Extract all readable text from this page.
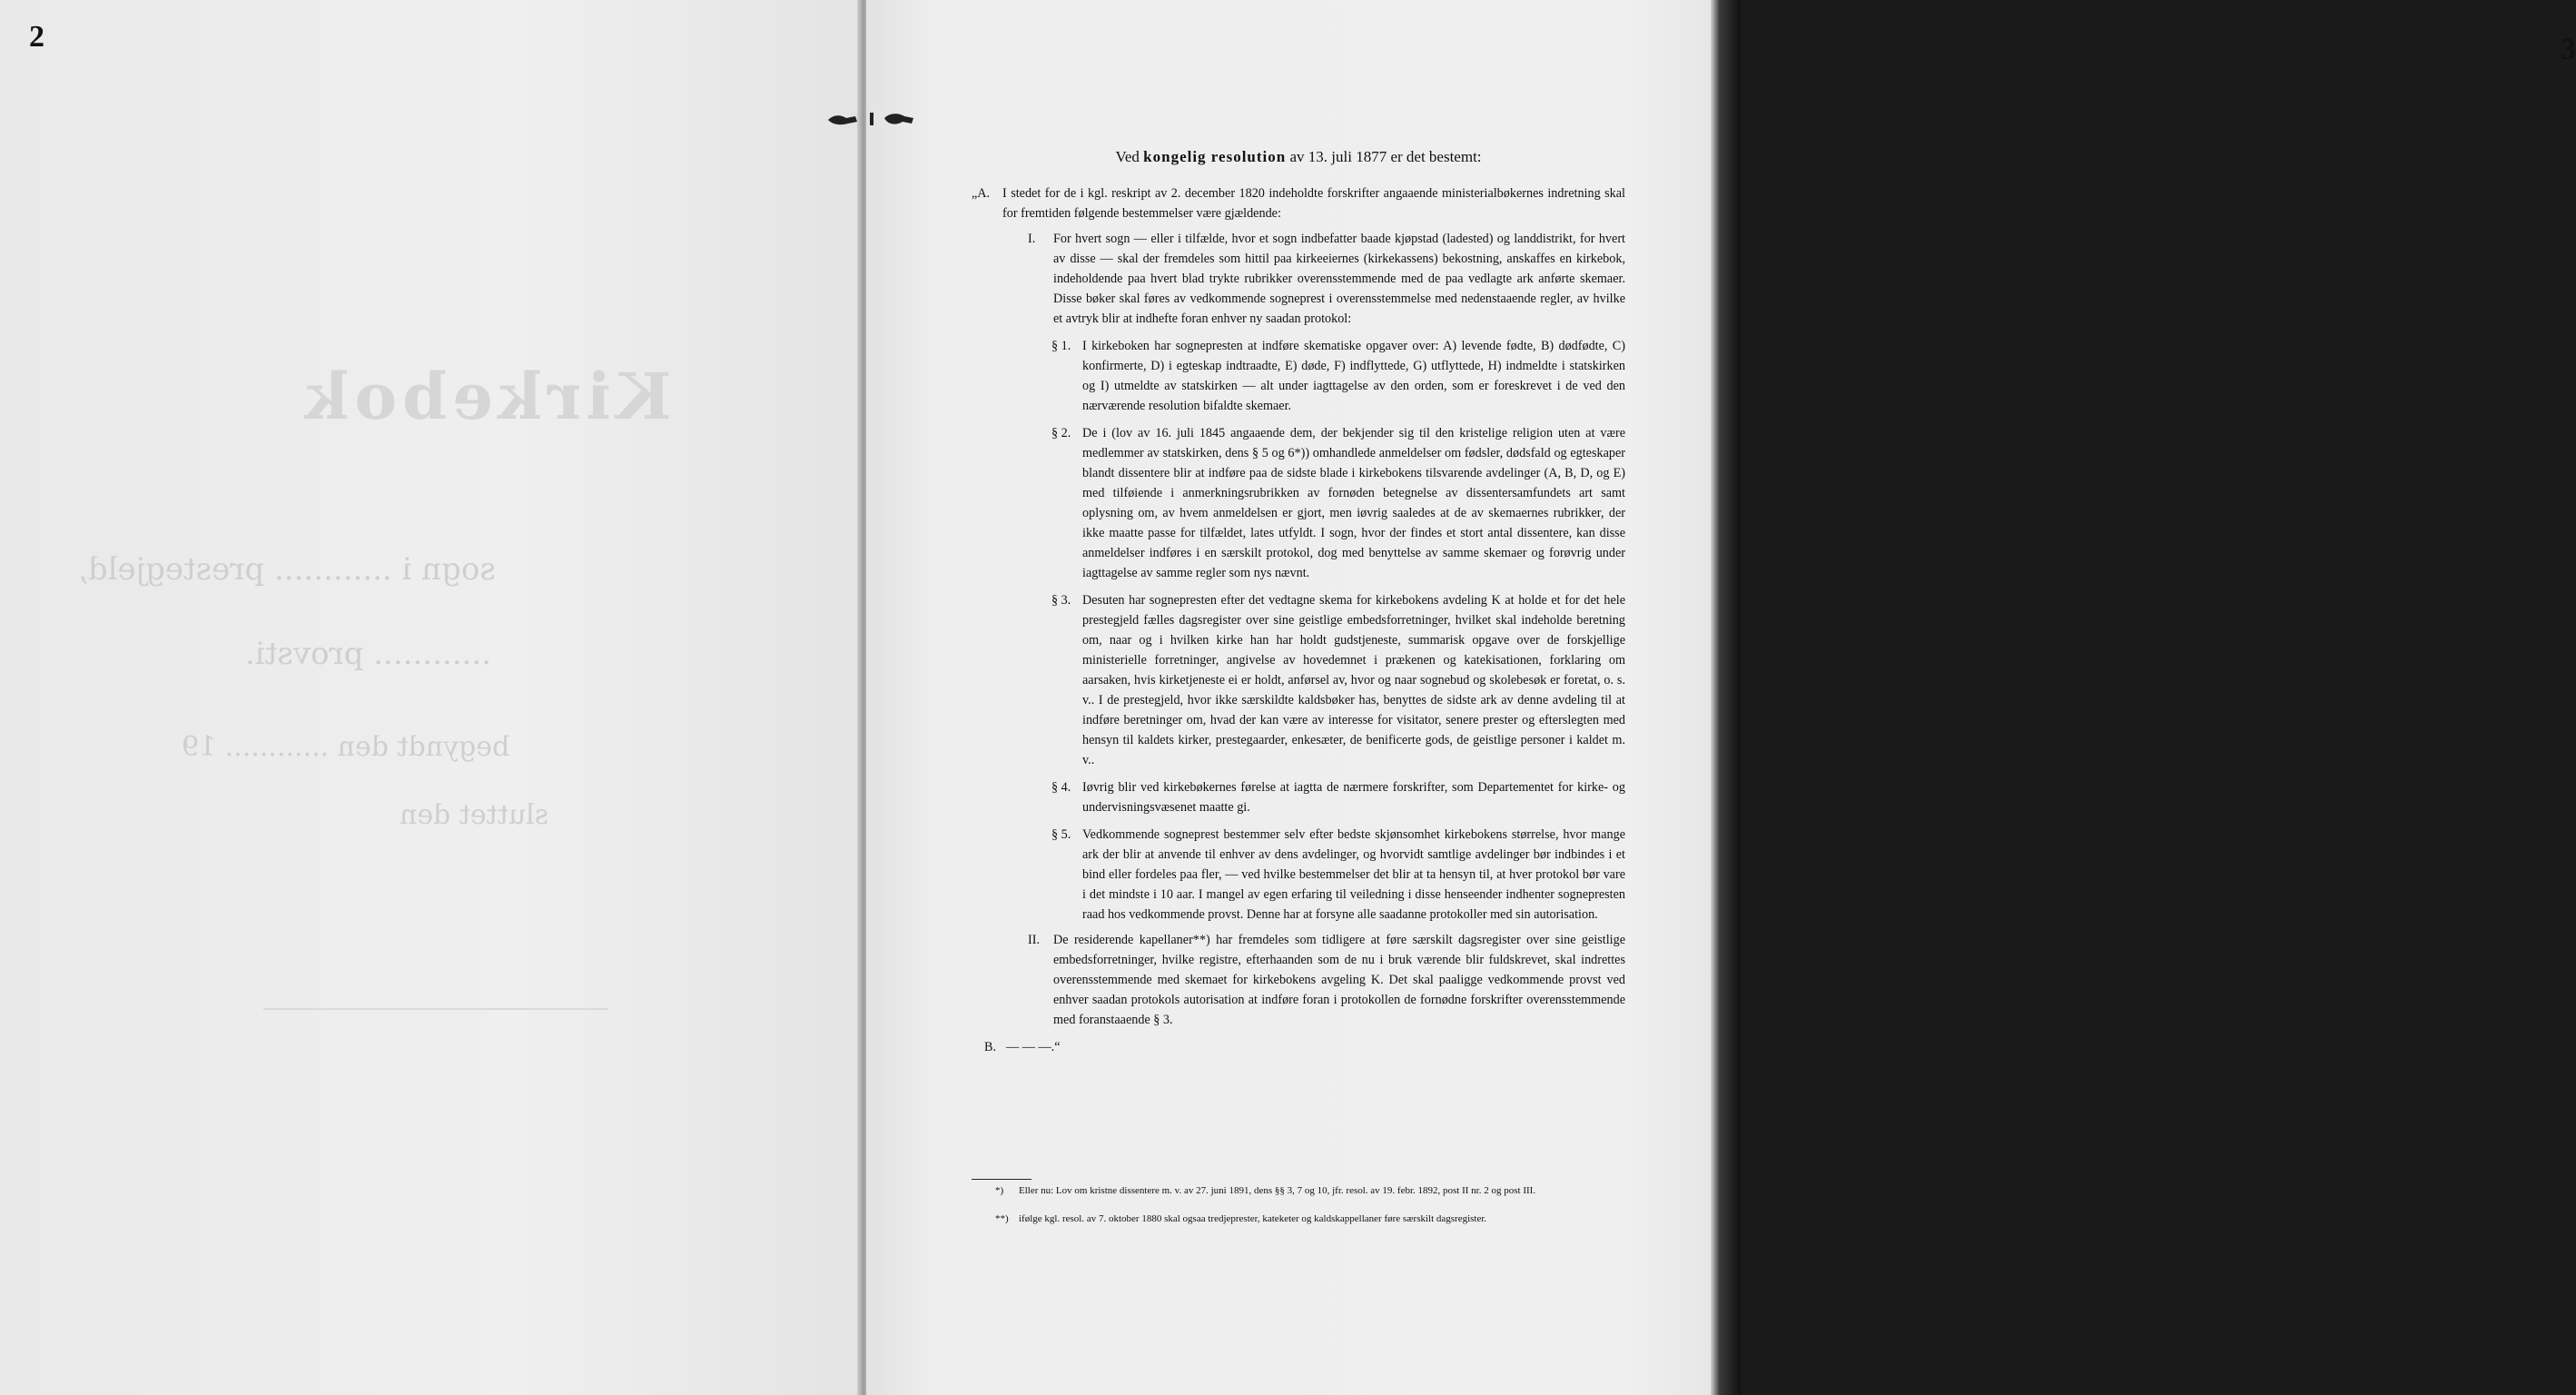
2
Kirkebok
sogn i ............ prestegjeld,
............ provsti.
begyndt den ............ 19
sluttet den
3
Ved kongelig resolution av 13. juli 1877 er det bestemt:
„A. I stedet for de i kgl. reskript av 2. december 1820 indeholdte forskrifter angaaende ministerialbøkernes indretning skal for fremtiden følgende bestemmelser være gjældende:
I.	For hvert sogn — eller i tilfælde, hvor et sogn indbefatter baade kjøpstad (ladested) og landdistrikt, for hvert av disse — skal der fremdeles som hittil paa kirkeeiernes (kirkekassens) bekostning, anskaffes en kirkebok, indeholdende paa hvert blad trykte rubrikker overensstemmende med de paa vedlagte ark anførte skemaer. Disse bøker skal føres av vedkommende sogneprest i overensstemmelse med nedenstaaende regler, av hvilke et avtryk blir at indhefte foran enhver ny saadan protokol:
§ 1. I kirkeboken har sognepresten at indføre skematiske opgaver over: A) levende fødte, B) dødfødte, C) konfirmerte, D) i egteskap indtraadte, E) døde, F) indflyttede, G) utflyttede, H) indmeldte i statskirken og I) utmeldte av statskirken — alt under iagttagelse av den orden, som er foreskrevet i de ved den nærværende resolution bifaldte skemaer.
§ 2. De i (lov av 16. juli 1845 angaaende dem, der bekjender sig til den kristelige religion uten at være medlemmer av statskirken, dens § 5 og 6*)) omhandlede anmeldelser om fødsler, dødsfald og egteskaper blandt dissentere blir at indføre paa de sidste blade i kirkebokens tilsvarende avdelinger (A, B, D, og E) med tilføiende i anmerkningsrubrikken av fornøden betegnelse av dissentersamfundets art samt oplysning om, av hvem anmeldelsen er gjort, men iøvrig saaledes at de av skemaernes rubrikker, der ikke maatte passe for tilfældet, lates utfyldt. I sogn, hvor der findes et stort antal dissentere, kan disse anmeldelser indføres i en særskilt protokol, dog med benyttelse av samme skemaer og forøvrig under iagttagelse av samme regler som nys nævnt.
§ 3. Desuten har sognepresten efter det vedtagne skema for kirkebokens avdeling K at holde et for det hele prestegjeld fælles dagsregister over sine geistlige embedsforretninger, hvilket skal indeholde beretning om, naar og i hvilken kirke han har holdt gudstjeneste, summarisk opgave over de forskjellige ministerielle forretninger, angivelse av hovedemnet i prækenen og katekisationen, forklaring om aarsaken, hvis kirketjeneste ei er holdt, anførsel av, hvor og naar sognebud og skolebesøk er foretat, o. s. v.. I de prestegjeld, hvor ikke særskildte kaldsbøker has, benyttes de sidste ark av denne avdeling til at indføre beretninger om, hvad der kan være av interesse for visitator, senere prester og efterslegten med hensyn til kaldets kirker, prestegaarder, enkesæter, de benificerte gods, de geistlige personer i kaldet m. v..
§ 4. Iøvrig blir ved kirkebøkernes førelse at iagtta de nærmere forskrifter, som Departementet for kirke- og undervisningsvæsenet maatte gi.
§ 5. Vedkommende sogneprest bestemmer selv efter bedste skjønsomhet kirkebokens størrelse, hvor mange ark der blir at anvende til enhver av dens avdelinger, og hvorvidt samtlige avdelinger bør indbindes i et bind eller fordeles paa fler, — ved hvilke bestemmelser det blir at ta hensyn til, at hver protokol bør vare i det mindste i 10 aar. I mangel av egen erfaring til veiledning i disse henseender indhenter sognepresten raad hos vedkommende provst. Denne har at forsyne alle saadanne protokoller med sin autorisation.
II.	De residerende kapellaner**) har fremdeles som tidligere at føre særskilt dagsregister over sine geistlige embedsforretninger, hvilke registre, efterhaanden som de nu i bruk værende blir fuldskrevet, skal indrettes overensstemmende med skemaet for kirkebokens avgeling K. Det skal paaligge vedkommende provst ved enhver saadan protokols autorisation at indføre foran i protokollen de fornødne forskrifter overensstemmende med foranstaaende § 3.
B. — — —.“
*)	Eller nu: Lov om kristne dissentere m. v. av 27. juni 1891, dens §§ 3, 7 og 10, jfr. resol. av 19. febr. 1892, post II nr. 2 og post III.
**)	ifølge kgl. resol. av 7. oktober 1880 skal ogsaa tredjeprester, kateketer og kaldskappellaner føre særskilt dagsregister.
